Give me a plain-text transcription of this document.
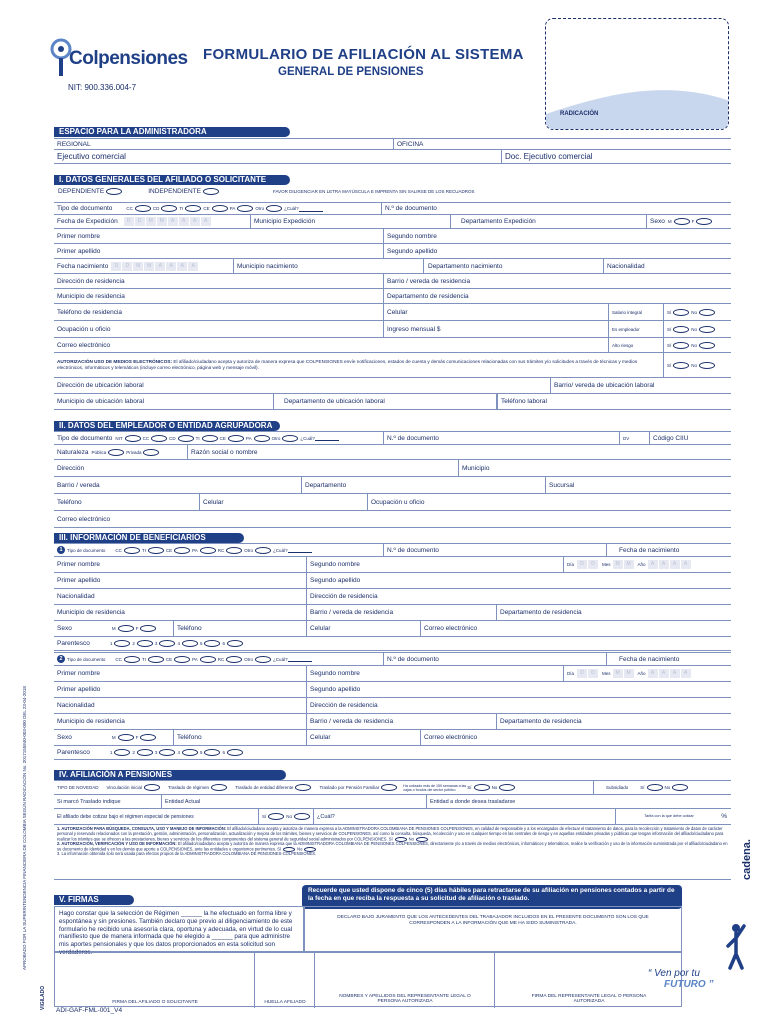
APROBADO POR LA SUPERINTENDENCIA FINANCIERA DE COLOMBIA SEGÚN RADICACIÓN No. 2017155840-003-000 DEL 23-04-2018
VIGILADO
Colpensiones
NIT: 900.336.004-7
FORMULARIO DE AFILIACIÓN AL SISTEMA
GENERAL DE PENSIONES
RADICACIÓN
ESPACIO PARA LA ADMINISTRADORA
REGIONAL	OFICINA
Ejecutivo comercial	Doc. Ejecutivo comercial
I. DATOS GENERALES DEL AFILIADO O SOLICITANTE
DEPENDIENTE	INDEPENDIENTE	FAVOR DILIGENCIAR EN LETRA MAYÚSCULA E IMPRENTA SIN SALIRSE DE LOS RECUADROS
Tipo de documento	CC	CD	TI	CE	PA	Otro	¿Cuál?	N.º de documento
Fecha de Expedición	D D M M A A A A	Municipio Expedición	Departamento Expedición	Sexo M	F
Primer nombre	Segundo nombre
Primer apellido	Segundo apellido
Fecha nacimiento	D D M M A A A A	Municipio nacimiento	Departamento nacimiento	Nacionalidad
Dirección de residencia	Barrio / vereda de residencia
Municipio de residencia	Departamento de residencia
Teléfono de residencia	Celular	Salario integral	Sí	No
Ocupación u oficio	Ingreso mensual $	Es empleador	Sí	No
Correo electrónico	Alto riesgo	Sí	No
AUTORIZACIÓN USO DE MEDIOS ELECTRÓNICOS: El afiliado/ciudadano acepta y autoriza de manera expresa que COLPENSIONES envíe notificaciones, estados de cuenta y demás comunicaciones relacionadas con sus trámites y/o solicitudes a través de técnicas y medios electrónicos, informáticos y telemáticos (incluye correo electrónico, página web y mensaje móvil).	Sí	No
Dirección de ubicación laboral	Barrio/ vereda de ubicación laboral
Municipio de ubicación laboral	Departamento de ubicación laboral	Teléfono laboral
II. DATOS DEL EMPLEADOR O ENTIDAD AGRUPADORA
Tipo de documento NIT	CC	CD	TI	CE	PA	Otro	¿Cuál?	N.º de documento	DV	Código CIIU
Naturaleza Pública	Privada	Razón social o nombre
Dirección	Municipio
Barrio / vereda	Departamento	Sucursal
Teléfono	Celular	Ocupación u oficio
Correo electrónico
III. INFORMACIÓN DE BENEFICIARIOS
1 Tipo de documento CC	TI	CE	PA	RC	Otro	¿Cuál?	N.º de documento	Fecha de nacimiento
Primer nombre	Segundo nombre	Día	D D	Mes M M	Año	A A A A
Primer apellido	Segundo apellido
Nacionalidad	Dirección de residencia
Municipio de residencia	Barrio / vereda de residencia	Departamento de residencia
Sexo	M	F	Teléfono	Celular	Correo electrónico
Parentesco	1	2	3	4	5	6
2 Tipo de documento CC	TI	CE	PA	RC	Otro	¿Cuál?	N.º de documento	Fecha de nacimiento
Primer nombre	Segundo nombre	Día	D D	Mes M M	Año	A A A A
Primer apellido	Segundo apellido
Nacionalidad	Dirección de residencia
Municipio de residencia	Barrio / vereda de residencia	Departamento de residencia
Sexo	M	F	Teléfono	Celular	Correo electrónico
Parentesco	1	2	3	4	5	6
IV. AFILIACIÓN A PENSIONES
TIPO DE NOVEDAD Vinculación inicial	Traslado de régimen	Traslado de entidad diferente	Traslado por Pensión Familiar	Ha cotizado más de 150 semanas a las cajas o fondos del sector público	Sí	No	Subsidiado	Sí	No
Si marcó Traslado indique	Entidad Actual	Entidad a donde desea trasladarse
El afiliado debe cotizar bajo el régimen especial de pensiones	Sí	No	¿Cuál?	Tarifa con la que debe cotizar	%
1. AUTORIZACIÓN PARA BÚSQUEDA, CONSULTA, USO Y MANEJO DE INFORMACIÓN: El afiliado/ciudadano acepta y autoriza de manera expresa a la ADMINISTRADORA COLOMBIANA DE PENSIONES COLPENSIONES, en calidad de responsable y a los encargados de efectuar el tratamiento de datos, para la recolección y tratamiento de datos de carácter personal y reservado relacionados con la prestación, gestión, administración, personalización, actualización y mejora de los trámites, bienes y servicios de COLPENSIONES, así como la consulta, búsqueda, recolección y uso en cualquier tiempo en las centrales de riesgo y en aquellas entidades privadas y públicas que tengan información del afiliado/ciudadano para realizar los trámites que se ofrecen a las prestaciones, bienes y servicios de los diferentes componentes del sistema general de seguridad social administrados por COLPENSIONES. Sí	No
2. AUTORIZACIÓN, VERIFICACIÓN Y USO DE INFORMACIÓN: El afiliado/ciudadano acepta y autoriza de manera expresa que la ADMINISTRADORA COLOMBIANA DE PENSIONES COLPENSIONES, directamente y/o a través de medios electrónicos, informáticos y telemáticos, realice la verificación y uso de la información suministrada por el afiliado/ciudadano en su documento de identidad y en los demás que aporte a COLPENSIONES, ante las entidades u organismos pertinentes. Sí	No
3. La información obtenida solo será usada para efectos propios de la ADMINISTRADORA COLOMBIANA DE PENSIONES-COLPENSIONES.
V. FIRMAS
Recuerde que usted dispone de cinco (5) días hábiles para retractarse de su afiliación en pensiones contados a partir de la fecha en que reciba la respuesta a su solicitud de afiliación o traslado.
Hago constar que la selección de Régimen ______ la he efectuado en forma libre y
espontánea y sin presiones. También declaro que previo al diligenciamiento de este
formulario he recibido una asesoría clara, oportuna y adecuada, en virtud de lo cual
manifiesto que de manera informada que he elegido a ______ para que administre
mis aportes pensionales y que los datos proporcionados en esta solicitud son verdaderos.
DECLARO BAJO JURAMENTO QUE LOS ANTECEDENTES DEL TRABAJADOR INCLUIDOS EN EL PRESENTE DOCUMENTO SON LOS QUE CORRESPONDEN A LA INFORMACIÓN QUE ME HA SIDO SUMINISTRADA.
FIRMA DEL AFILIADO O SOLICITANTE	HUELLA AFILIADO
NOMBRES Y APELLIDOS DEL REPRESENTANTE LEGAL O PERSONA AUTORIZADA
FIRMA DEL REPRESENTANTE LEGAL O PERSONA AUTORIZADA
ADI-GAF-FML-001_V4
“ Ven por tu
FUTURO ”
cadena.
